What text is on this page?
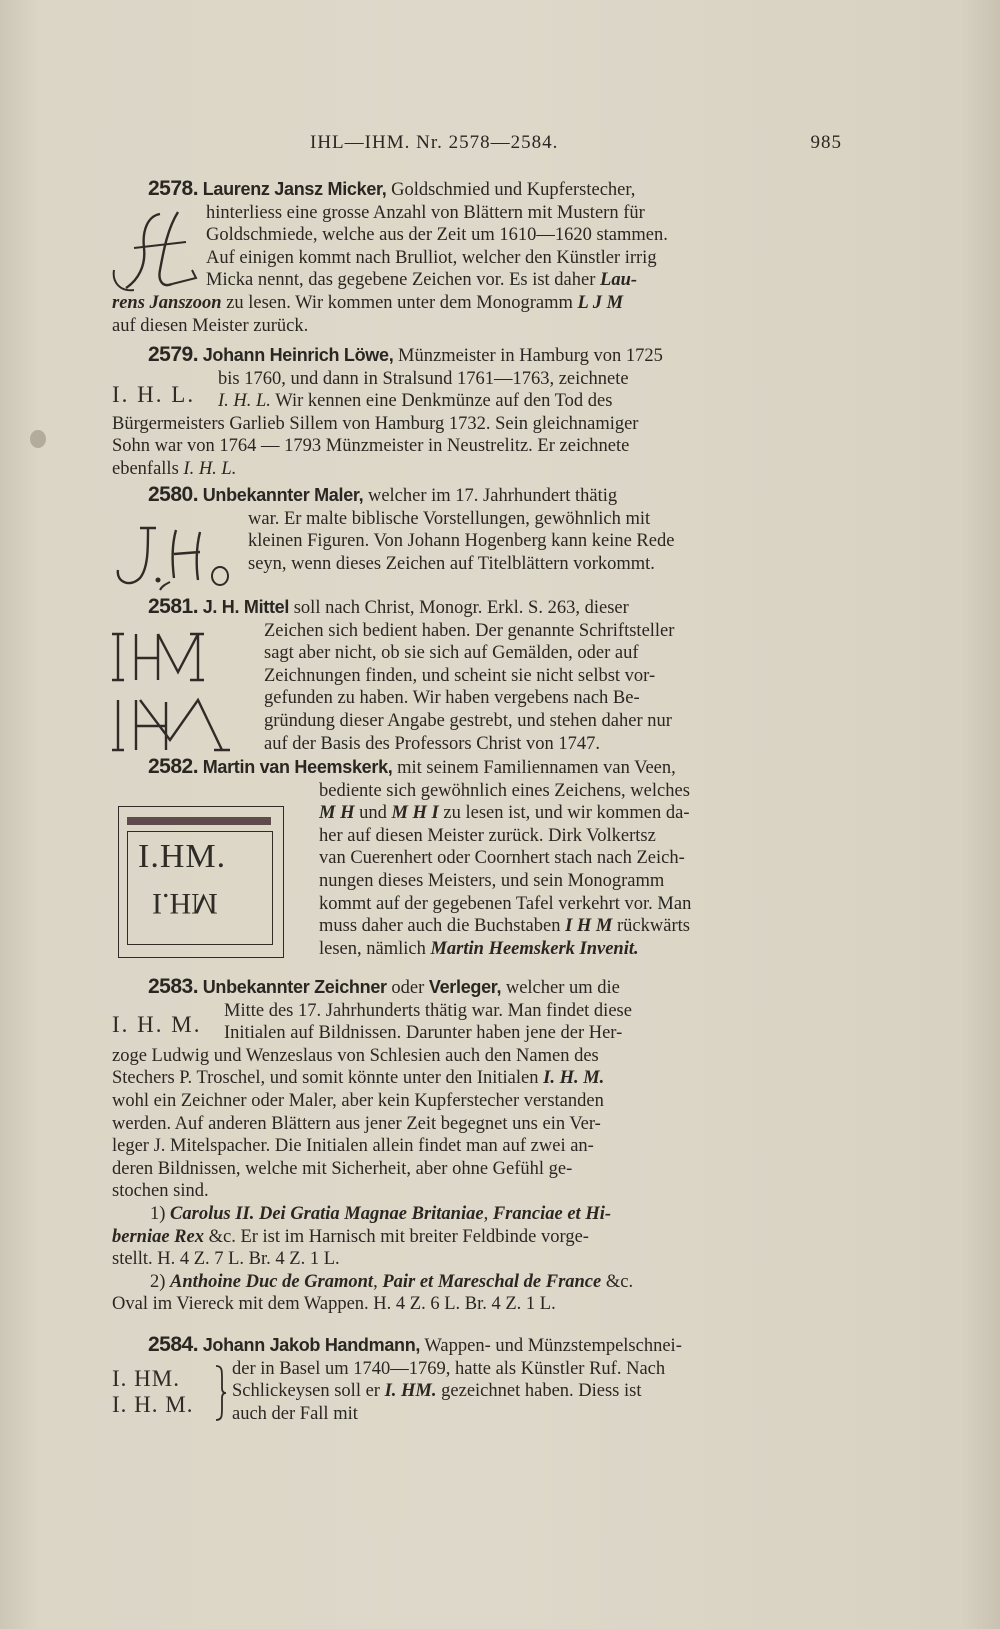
IHL—IHM. Nr. 2578—2584.	985
2578. Laurenz Jansz Micker, Goldschmied und Kupferstecher,
hinterliess eine grosse Anzahl von Blättern mit Mustern für
Goldschmiede, welche aus der Zeit um 1610—1620 stammen.
Auf einigen kommt nach Brulliot, welcher den Künstler irrig
Micka nennt, das gegebene Zeichen vor. Es ist daher Lau-
rens Janszoon zu lesen. Wir kommen unter dem Monogramm L J M
auf diesen Meister zurück.
I. H. L.
2579. Johann Heinrich Löwe, Münzmeister in Hamburg von 1725
bis 1760, und dann in Stralsund 1761—1763, zeichnete
I. H. L. Wir kennen eine Denkmünze auf den Tod des
Bürgermeisters Garlieb Sillem von Hamburg 1732. Sein gleichnamiger
Sohn war von 1764 — 1793 Münzmeister in Neustrelitz. Er zeichnete
ebenfalls I. H. L.
2580. Unbekannter Maler, welcher im 17. Jahrhundert thätig
war. Er malte biblische Vorstellungen, gewöhnlich mit
kleinen Figuren. Von Johann Hogenberg kann keine Rede
seyn, wenn dieses Zeichen auf Titelblättern vorkommt.
2581. J. H. Mittel soll nach Christ, Monogr. Erkl. S. 263, dieser
Zeichen sich bedient haben. Der genannte Schriftsteller
sagt aber nicht, ob sie sich auf Gemälden, oder auf
Zeichnungen finden, und scheint sie nicht selbst vor-
gefunden zu haben. Wir haben vergebens nach Be-
gründung dieser Angabe gestrebt, und stehen daher nur
auf der Basis des Professors Christ von 1747.
I.HM.
I.HM
2582. Martin van Heemskerk, mit seinem Familiennamen van Veen,
bediente sich gewöhnlich eines Zeichens, welches
M H und M H I zu lesen ist, und wir kommen da-
her auf diesen Meister zurück. Dirk Volkertsz
van Cuerenhert oder Coornhert stach nach Zeich-
nungen dieses Meisters, und sein Monogramm
kommt auf der gegebenen Tafel verkehrt vor. Man
muss daher auch die Buchstaben I H M rückwärts
lesen, nämlich Martin Heemskerk Invenit.
I. H. M.
2583. Unbekannter Zeichner oder Verleger, welcher um die
Mitte des 17. Jahrhunderts thätig war. Man findet diese
Initialen auf Bildnissen. Darunter haben jene der Her-
zoge Ludwig und Wenzeslaus von Schlesien auch den Namen des
Stechers P. Troschel, und somit könnte unter den Initialen I. H. M.
wohl ein Zeichner oder Maler, aber kein Kupferstecher verstanden
werden. Auf anderen Blättern aus jener Zeit begegnet uns ein Ver-
leger J. Mitelspacher. Die Initialen allein findet man auf zwei an-
deren Bildnissen, welche mit Sicherheit, aber ohne Gefühl ge-
stochen sind.
1) Carolus II. Dei Gratia Magnae Britaniae, Franciae et Hi-
berniae Rex &c. Er ist im Harnisch mit breiter Feldbinde vorge-
stellt. H. 4 Z. 7 L. Br. 4 Z. 1 L.
2) Anthoine Duc de Gramont, Pair et Mareschal de France &c.
Oval im Viereck mit dem Wappen. H. 4 Z. 6 L. Br. 4 Z. 1 L.
I. HM.
I. H. M.
2584. Johann Jakob Handmann, Wappen- und Münzstempelschnei-
der in Basel um 1740—1769, hatte als Künstler Ruf. Nach
Schlickeysen soll er I. HM. gezeichnet haben. Diess ist
auch der Fall mit
